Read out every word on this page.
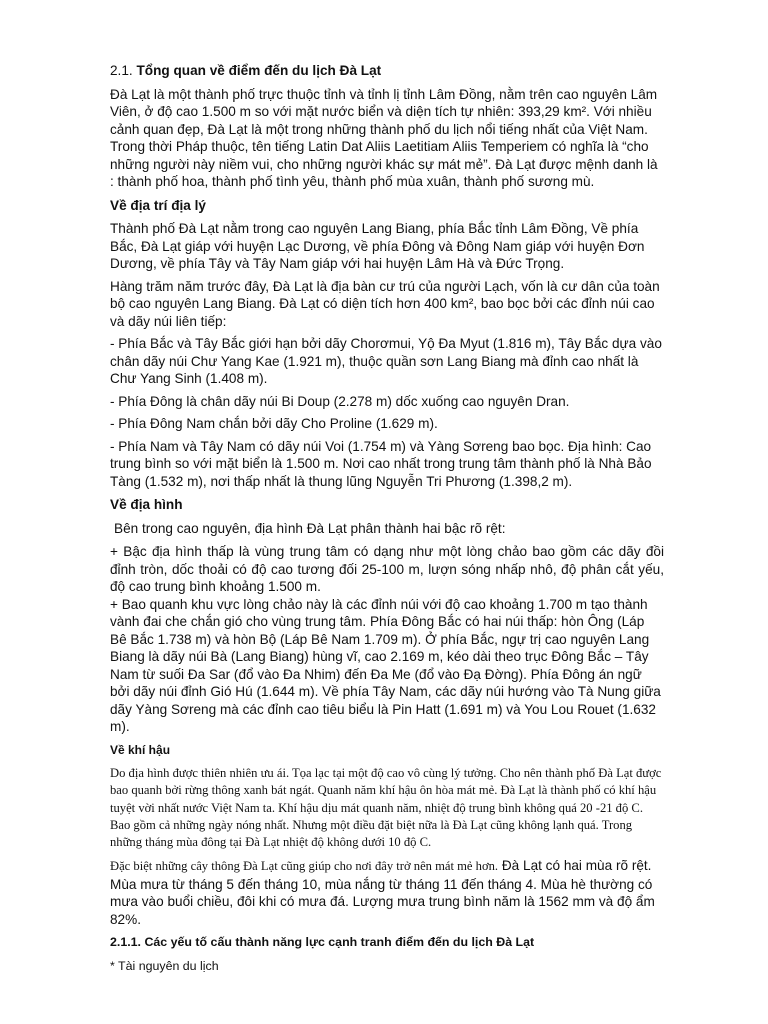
2.1. Tổng quan về điểm đến du lịch Đà Lạt

Đà Lạt là một thành phố trực thuộc tỉnh và tỉnh lị tỉnh Lâm Đồng, nằm trên cao nguyên Lâm Viên, ở độ cao 1.500 m so với mặt nước biển và diện tích tự nhiên: 393,29 km². Với nhiều cảnh quan đẹp, Đà Lạt là một trong những thành phố du lịch nổi tiếng nhất của Việt Nam. Trong thời Pháp thuộc, tên tiếng Latin Dat Aliis Laetitiam Aliis Temperiem có nghĩa là “cho những người này niềm vui, cho những người khác sự mát mẻ”. Đà Lạt được mệnh danh là : thành phố hoa, thành phố tình yêu, thành phố mùa xuân, thành phố sương mù.

Về địa trí địa lý

Thành phố Đà Lạt nằm trong cao nguyên Lang Biang, phía Bắc tỉnh Lâm Đồng, Về phía Bắc, Đà Lạt giáp với huyện Lạc Dương, về phía Đông và Đông Nam giáp với huyện Đơn Dương, về phía Tây và Tây Nam giáp với hai huyện Lâm Hà và Đức Trọng.

Hàng trăm năm trước đây, Đà Lạt là địa bàn cư trú của người Lạch, vốn là cư dân của toàn bộ cao nguyên Lang Biang. Đà Lạt có diện tích hơn 400 km², bao bọc bởi các đỉnh núi cao và dãy núi liên tiếp:

- Phía Bắc và Tây Bắc giới hạn bởi dãy Chorơmui, Yộ Đa Myut (1.816 m), Tây Bắc dựa vào chân dãy núi Chư Yang Kae (1.921 m), thuộc quần sơn Lang Biang mà đỉnh cao nhất là Chư Yang Sinh (1.408 m).

- Phía Đông là chân dãy núi Bi Doup (2.278 m) dốc xuống cao nguyên Dran.

- Phía Đông Nam chắn bởi dãy Cho Proline (1.629 m).

- Phía Nam và Tây Nam có dãy núi Voi (1.754 m) và Yàng Sơreng bao bọc. Địa hình: Cao trung bình so với mặt biển là 1.500 m. Nơi cao nhất trong trung tâm thành phố là Nhà Bảo Tàng (1.532 m), nơi thấp nhất là thung lũng Nguyễn Tri Phương (1.398,2 m).

Về địa hình

Bên trong cao nguyên, địa hình Đà Lạt phân thành hai bậc rõ rệt:

+ Bậc địa hình thấp là vùng trung tâm có dạng như một lòng chảo bao gồm các dãy đồi đỉnh tròn, dốc thoải có độ cao tương đối 25-100 m, lượn sóng nhấp nhô, độ phân cắt yếu, độ cao trung bình khoảng 1.500 m.

+ Bao quanh khu vực lòng chảo này là các đỉnh núi với độ cao khoảng 1.700 m tạo thành vành đai che chắn gió cho vùng trung tâm. Phía Đông Bắc có hai núi thấp: hòn Ông (Láp Bê Bắc 1.738 m) và hòn Bộ (Láp Bê Nam 1.709 m). Ở phía Bắc, ngự trị cao nguyên Lang Biang là dãy núi Bà (Lang Biang) hùng vĩ, cao 2.169 m, kéo dài theo trục Đông Bắc – Tây Nam từ suối Đa Sar (đổ vào Đa Nhim) đến Đa Me (đổ vào Đạ Đờng). Phía Đông án ngữ bởi dãy núi đỉnh Gió Hú (1.644 m). Về phía Tây Nam, các dãy núi hướng vào Tà Nung giữa dãy Yàng Sơreng mà các đỉnh cao tiêu biểu là Pin Hatt (1.691 m) và You Lou Rouet (1.632 m).

Về khí hậu

Do địa hình được thiên nhiên ưu ái. Tọa lạc tại một độ cao vô cùng lý tưởng. Cho nên thành phố Đà Lạt được bao quanh bởi rừng thông xanh bát ngát. Quanh năm khí hậu ôn hòa mát mẻ. Đà Lạt là thành phố có khí hậu tuyệt vời nhất nước Việt Nam ta. Khí hậu dịu mát quanh năm, nhiệt độ trung bình không quá 20 -21 độ C. Bao gồm cả những ngày nóng nhất. Nhưng một điều đặt biệt nữa là Đà Lạt cũng không lạnh quá. Trong những tháng mùa đông tại Đà Lạt nhiệt độ không dưới 10 độ C.

Đặc biệt những cây thông Đà Lạt cũng giúp cho nơi đây trở nên mát mẻ hơn. Đà Lạt có hai mùa rõ rệt. Mùa mưa từ tháng 5 đến tháng 10, mùa nắng từ tháng 11 đến tháng 4. Mùa hè thường có mưa vào buổi chiều, đôi khi có mưa đá. Lượng mưa trung bình năm là 1562 mm và độ ẩm 82%.

2.1.1. Các yếu tố cấu thành năng lực cạnh tranh điểm đến du lịch Đà Lạt

* Tài nguyên du lịch
